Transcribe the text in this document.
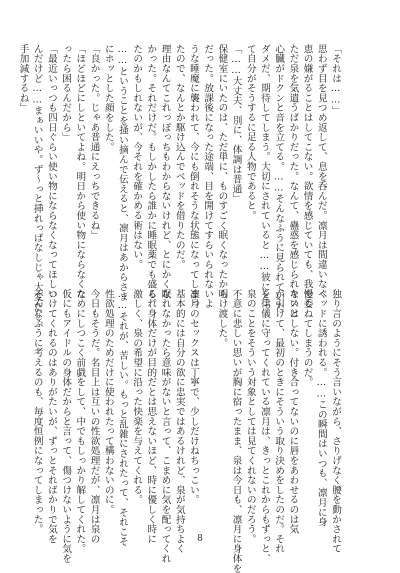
「それは……」
思わず目を見つめ返して、息を呑んだ。凛月は間違いなく
恵の嫌がることはしてこない。欲情を感じていても、我慢し
ただ泉を気遣うばかりだった。なんて、蠱惑を感じられないと
心臓がドクンと音を立てる。……そんなふうに見られていた
ダメだ、期待してしまう。大切にされていると……彼にとっ
て自分がそうするに足る人物であると。
「……大丈夫、別に、体調は普通」
保健室にいたのは、ただ単に、ものすごく眠くなったから
だった。放課後になった途端、目を開けてすらいられないよ
うな睡魔に襲われて、今にも倒れそうな状態になってしまっ
たので、なんとか駆け込んでベッドを借りたのだ。
理由なんてこれっぽっちもわからないけれど、とにかく眠
かった。それだけだ。もしかしたら誰かに睡眠薬でも盛られ
たのかもしれないが、今それを確かめる術はない。
……ということを掻い摘んで伝えると、凛月はあからさま
にホッとした顔をした。
「良かった。じゃあ普通にえっちできるね」
「ほどほどにしといてよね。明日から使い物にならなくな
ったら困るんだから」
「最近いっつも四日ぐらい使い物にならなくなってほしい
んだけど……まぁいいや。ず〜っと挿れっぱなしじゃ大変だし、
手加減するね」
独り言のようにそう言いながら、さりげなく腰を動かされて
ベッドに誘われる。……この瞬間はいつも、凛月に身
を委ねてしまうのだ。
キスはしない。付き合ってないのに唇をあわせるのは気
が引けて、最初のときにそういう取り決めをしたのだ。それ
を律儀に守ってくれている凛月は、きっとこれからもずっと、
泉のことをそういう対象としては見てくれないのだろう。
不意に悲しい思いが胸に宿ったまま、泉は今日も、凛月に身体を
明け渡した。

凛月のセックスは丁寧で、少しだけねちっこい。
基本的には自分の欲に忠実ではあるけれど、泉が気持ちよく
なれなかったら意味がないと言って、こまめに気を配ってくれ
る。身体だけが目的だとは思えないほど、時に優しく時に
激しく、泉の希望に沿った快楽を与えてくれる。
……それが、苦しい。もっと乱雑にされたって、それこそ
性欲処理のためだけに使われたって構わないのに。
今日もそうだ。名目上は互いの性欲処理だが、凛月は泉の
ためにしつこく前戯をして、中でもしっかり解してくれた。
仮にもアイドルの身体だからと言って、傷つけないように気を
つけてくれるのはありがたいが、ずっとそればかりで気を
そんなふうに考えるのも、毎度恒例になってしまった。
8
